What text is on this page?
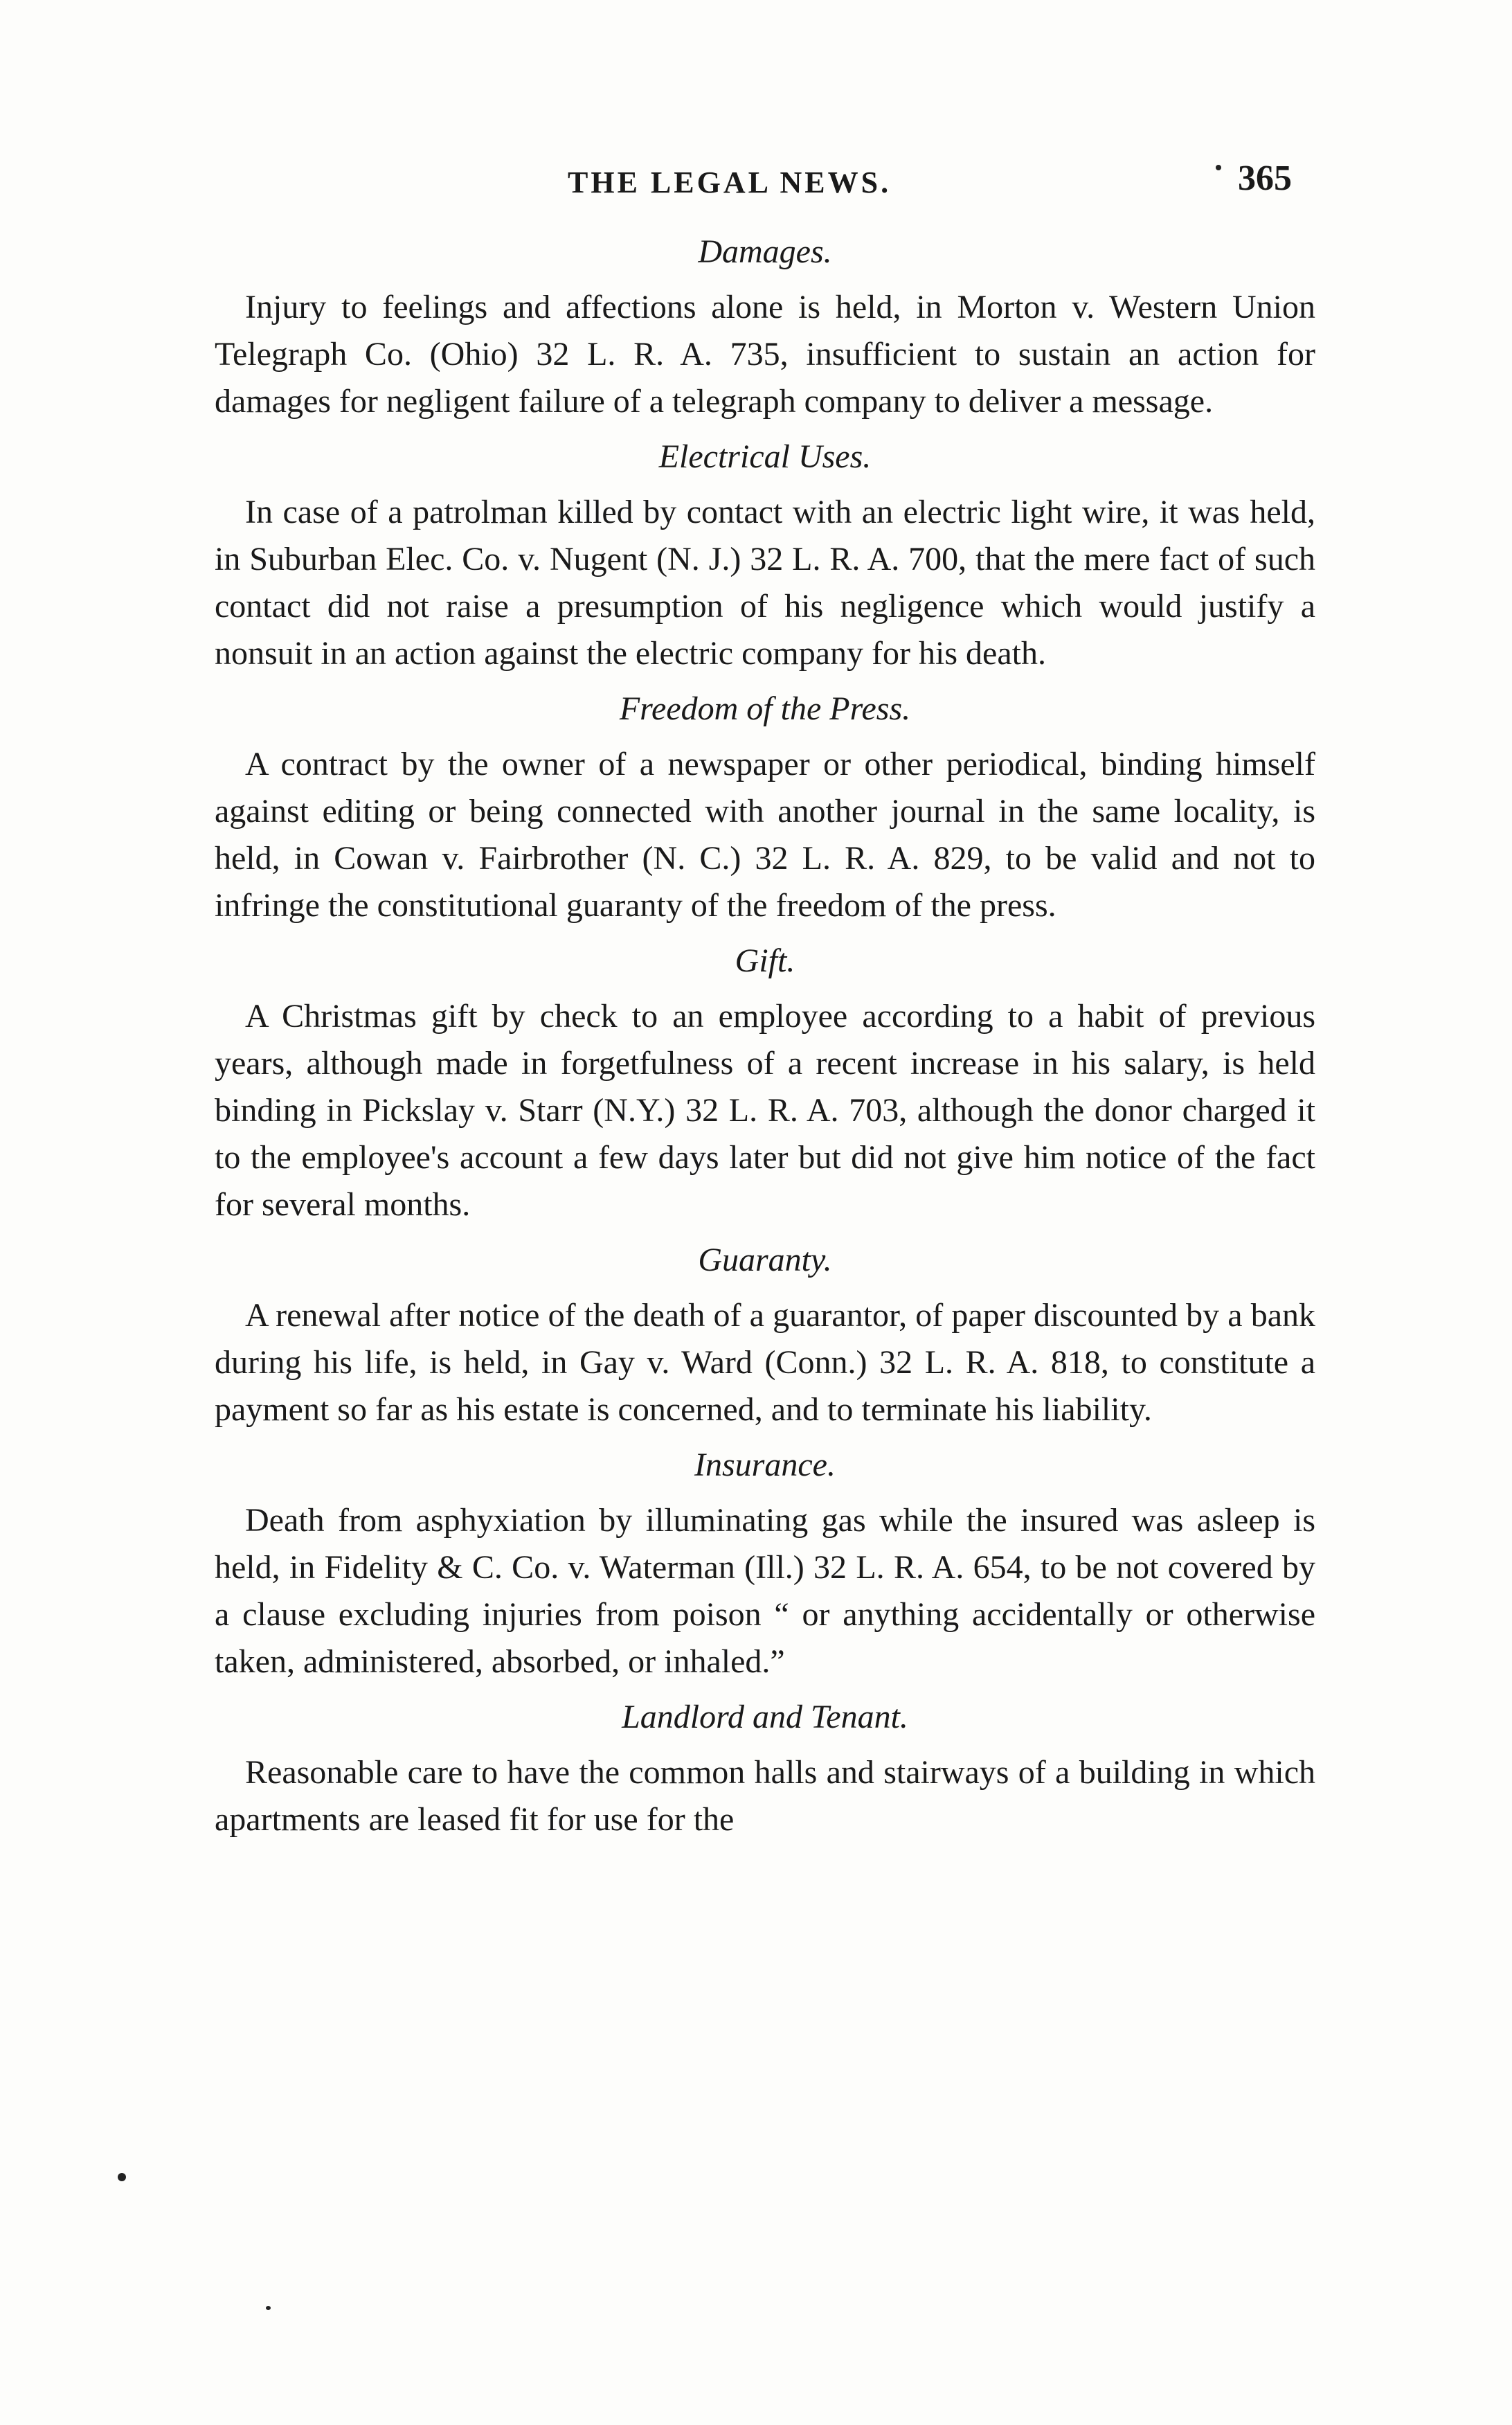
THE LEGAL NEWS.	365

Damages.

Injury to feelings and affections alone is held, in Morton v. Western Union Telegraph Co. (Ohio) 32 L. R. A. 735, insufficient to sustain an action for damages for negligent failure of a telegraph company to deliver a message.

Electrical Uses.

In case of a patrolman killed by contact with an electric light wire, it was held, in Suburban Elec. Co. v. Nugent (N. J.) 32 L. R. A. 700, that the mere fact of such contact did not raise a presumption of his negligence which would justify a nonsuit in an action against the electric company for his death.

Freedom of the Press.

A contract by the owner of a newspaper or other periodical, binding himself against editing or being connected with another journal in the same locality, is held, in Cowan v. Fairbrother (N. C.) 32 L. R. A. 829, to be valid and not to infringe the constitutional guaranty of the freedom of the press.

Gift.

A Christmas gift by check to an employee according to a habit of previous years, although made in forgetfulness of a recent increase in his salary, is held binding in Pickslay v. Starr (N.Y.) 32 L. R. A. 703, although the donor charged it to the employee's account a few days later but did not give him notice of the fact for several months.

Guaranty.

A renewal after notice of the death of a guarantor, of paper discounted by a bank during his life, is held, in Gay v. Ward (Conn.) 32 L. R. A. 818, to constitute a payment so far as his estate is concerned, and to terminate his liability.

Insurance.

Death from asphyxiation by illuminating gas while the insured was asleep is held, in Fidelity & C. Co. v. Waterman (Ill.) 32 L. R. A. 654, to be not covered by a clause excluding injuries from poison “ or anything accidentally or otherwise taken, administered, absorbed, or inhaled.”

Landlord and Tenant.

Reasonable care to have the common halls and stairways of a building in which apartments are leased fit for use for the
